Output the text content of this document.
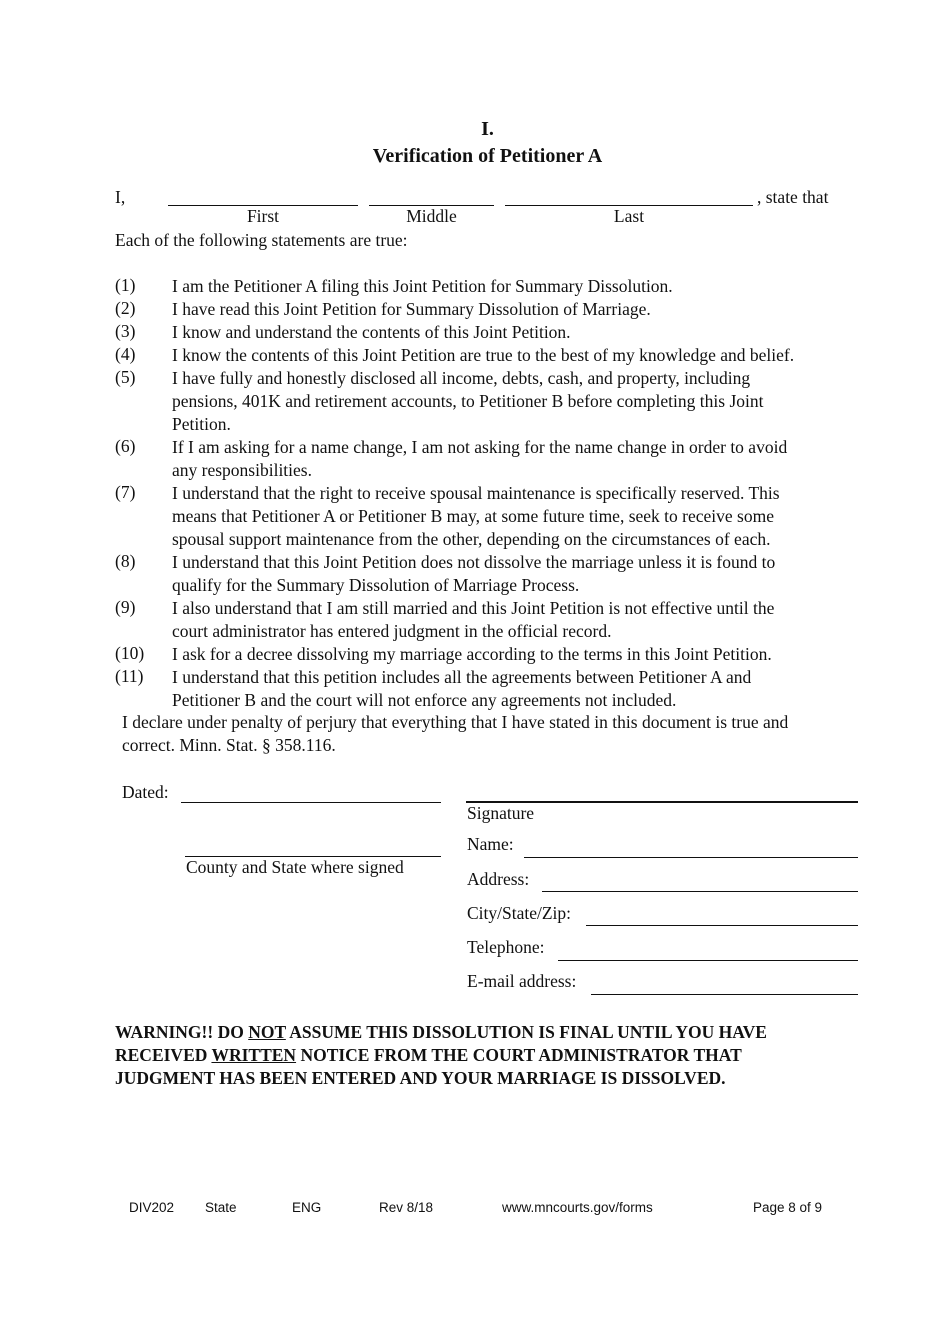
I.
Verification of Petitioner A
I,	, state that
First	Middle	Last
Each of the following statements are true:
(1) I am the Petitioner A filing this Joint Petition for Summary Dissolution.
(2) I have read this Joint Petition for Summary Dissolution of Marriage.
(3) I know and understand the contents of this Joint Petition.
(4) I know the contents of this Joint Petition are true to the best of my knowledge and belief.
(5) I have fully and honestly disclosed all income, debts, cash, and property, including
pensions, 401K and retirement accounts, to Petitioner B before completing this Joint
Petition.
(6) If I am asking for a name change, I am not asking for the name change in order to avoid
any responsibilities.
(7) I understand that the right to receive spousal maintenance is specifically reserved. This
means that Petitioner A or Petitioner B may, at some future time, seek to receive some
spousal support maintenance from the other, depending on the circumstances of each.
(8) I understand that this Joint Petition does not dissolve the marriage unless it is found to
qualify for the Summary Dissolution of Marriage Process.
(9) I also understand that I am still married and this Joint Petition is not effective until the
court administrator has entered judgment in the official record.
(10) I ask for a decree dissolving my marriage according to the terms in this Joint Petition.
(11) I understand that this petition includes all the agreements between Petitioner A and
Petitioner B and the court will not enforce any agreements not included.
I declare under penalty of perjury that everything that I have stated in this document is true and
correct. Minn. Stat. § 358.116.
Dated:
County and State where signed
Signature
Name:
Address:
City/State/Zip:
Telephone:
E-mail address:
WARNING!! DO NOT ASSUME THIS DISSOLUTION IS FINAL UNTIL YOU HAVE
RECEIVED WRITTEN NOTICE FROM THE COURT ADMINISTRATOR THAT
JUDGMENT HAS BEEN ENTERED AND YOUR MARRIAGE IS DISSOLVED.
DIV202 State	ENG	Rev 8/18	www.mncourts.gov/forms	Page 8 of 9
